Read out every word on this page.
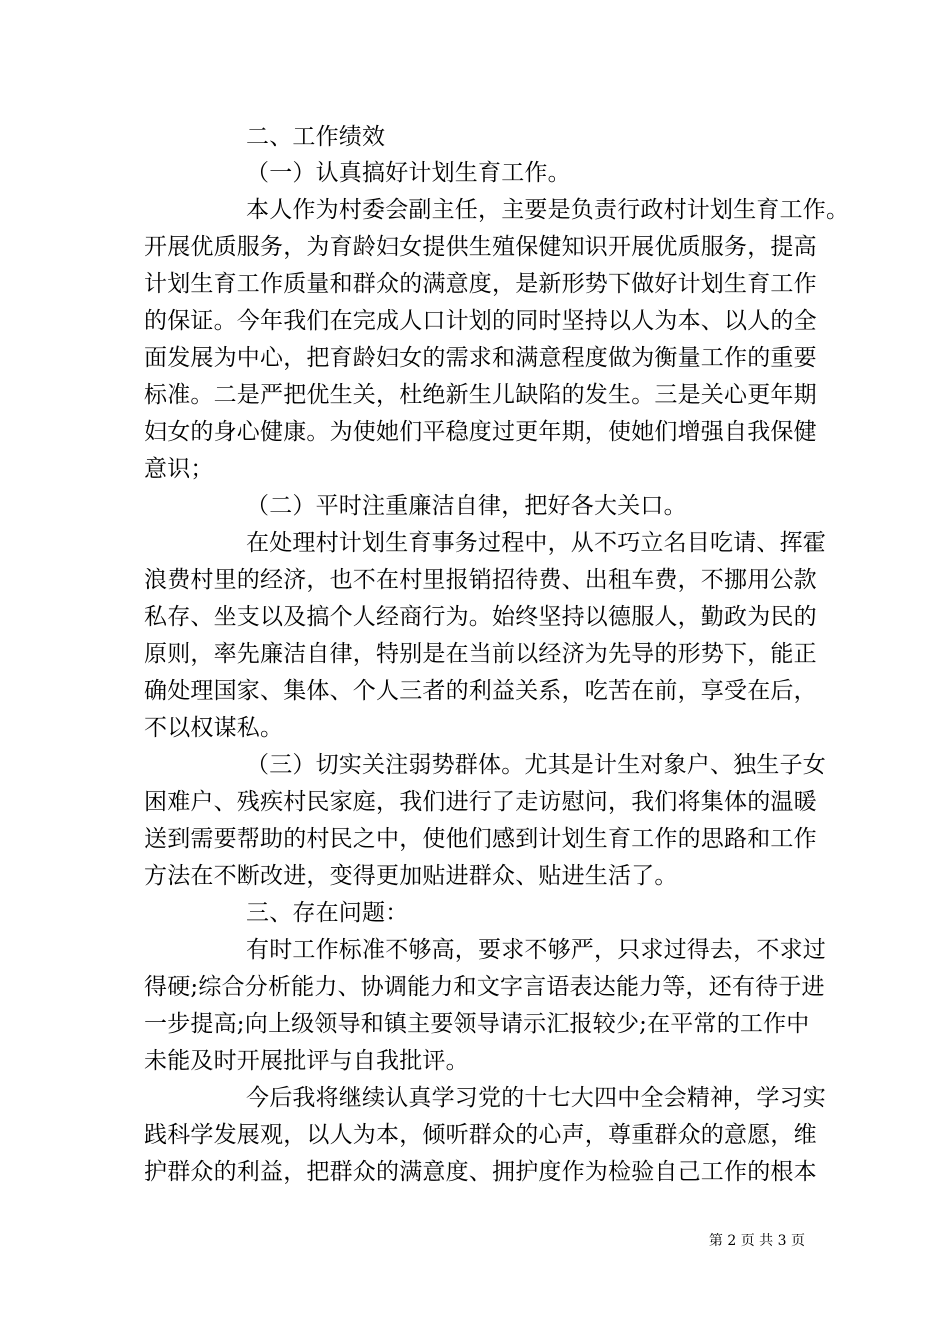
二、工作绩效
（一）认真搞好计划生育工作。
本人作为村委会副主任，主要是负责行政村计划生育工作。
开展优质服务，为育龄妇女提供生殖保健知识开展优质服务，提高
计划生育工作质量和群众的满意度，是新形势下做好计划生育工作
的保证。今年我们在完成人口计划的同时坚持以人为本、以人的全
面发展为中心，把育龄妇女的需求和满意程度做为衡量工作的重要
标准。二是严把优生关，杜绝新生儿缺陷的发生。三是关心更年期
妇女的身心健康。为使她们平稳度过更年期，使她们增强自我保健
意识；
（二）平时注重廉洁自律，把好各大关口。
在处理村计划生育事务过程中，从不巧立名目吃请、挥霍
浪费村里的经济，也不在村里报销招待费、出租车费，不挪用公款
私存、坐支以及搞个人经商行为。始终坚持以德服人，勤政为民的
原则，率先廉洁自律，特别是在当前以经济为先导的形势下，能正
确处理国家、集体、个人三者的利益关系，吃苦在前，享受在后，
不以权谋私。
（三）切实关注弱势群体。尤其是计生对象户、独生子女
困难户、残疾村民家庭，我们进行了走访慰问，我们将集体的温暖
送到需要帮助的村民之中，使他们感到计划生育工作的思路和工作
方法在不断改进，变得更加贴进群众、贴进生活了。
三、存在问题：
有时工作标准不够高，要求不够严，只求过得去，不求过
得硬;综合分析能力、协调能力和文字言语表达能力等，还有待于进
一步提高;向上级领导和镇主要领导请示汇报较少;在平常的工作中
未能及时开展批评与自我批评。
今后我将继续认真学习党的十七大四中全会精神，学习实
践科学发展观，以人为本，倾听群众的心声，尊重群众的意愿，维
护群众的利益，把群众的满意度、拥护度作为检验自己工作的根本
第 2 页 共 3 页
